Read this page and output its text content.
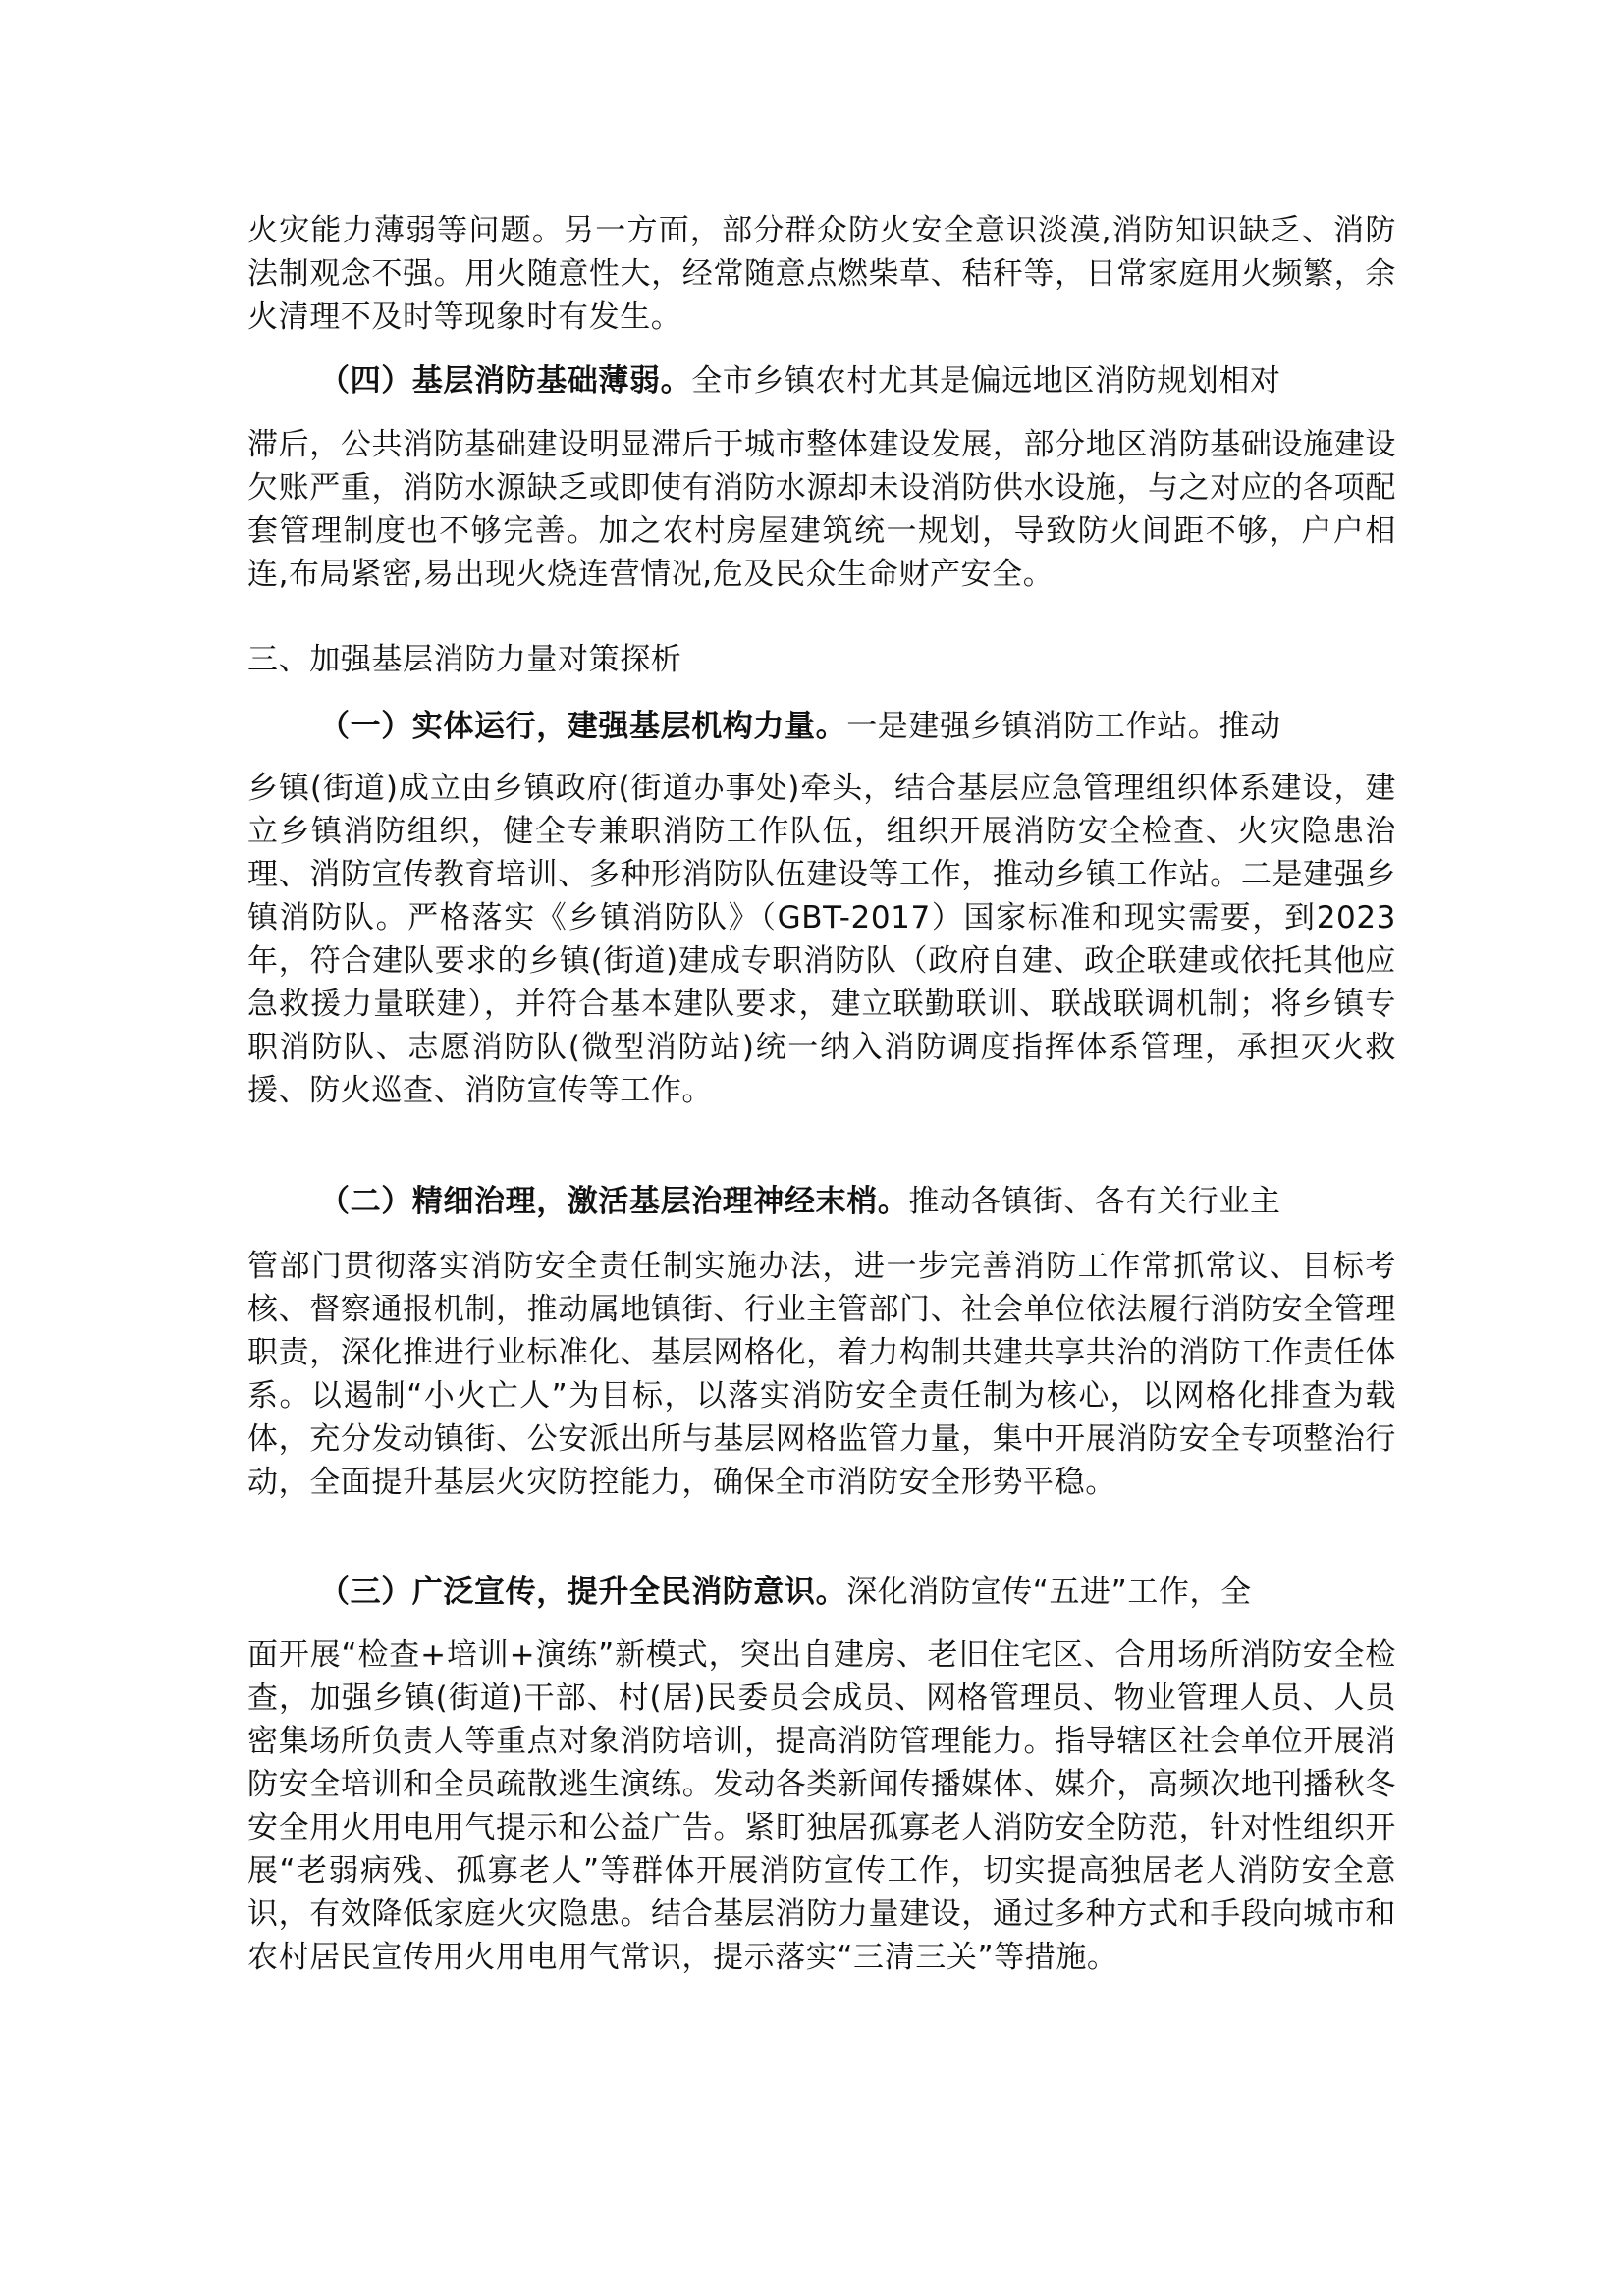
火灾能力薄弱等问题。另一方面，部分群众防火安全意识淡漠,消防知识缺乏、消防法制观念不强。用火随意性大，经常随意点燃柴草、秸秆等，日常家庭用火频繁，余火清理不及时等现象时有发生。

（四）基层消防基础薄弱。全市乡镇农村尤其是偏远地区消防规划相对

滞后，公共消防基础建设明显滞后于城市整体建设发展，部分地区消防基础设施建设欠账严重，消防水源缺乏或即使有消防水源却未设消防供水设施，与之对应的各项配套管理制度也不够完善。加之农村房屋建筑统一规划，导致防火间距不够，户户相连,布局紧密,易出现火烧连营情况,危及民众生命财产安全。

三、加强基层消防力量对策探析

（一）实体运行，建强基层机构力量。一是建强乡镇消防工作站。推动

乡镇(街道)成立由乡镇政府(街道办事处)牵头，结合基层应急管理组织体系建设，建立乡镇消防组织，健全专兼职消防工作队伍，组织开展消防安全检查、火灾隐患治理、消防宣传教育培训、多种形消防队伍建设等工作，推动乡镇工作站。二是建强乡镇消防队。严格落实《乡镇消防队》（GBT-2017）国家标准和现实需要，到2023年，符合建队要求的乡镇(街道)建成专职消防队（政府自建、政企联建或依托其他应急救援力量联建），并符合基本建队要求，建立联勤联训、联战联调机制；将乡镇专职消防队、志愿消防队(微型消防站)统一纳入消防调度指挥体系管理，承担灭火救援、防火巡查、消防宣传等工作。

（二）精细治理，激活基层治理神经末梢。推动各镇街、各有关行业主

管部门贯彻落实消防安全责任制实施办法，进一步完善消防工作常抓常议、目标考核、督察通报机制，推动属地镇街、行业主管部门、社会单位依法履行消防安全管理职责，深化推进行业标准化、基层网格化，着力构制共建共享共治的消防工作责任体系。以遏制“小火亡人”为目标，以落实消防安全责任制为核心，以网格化排查为载体，充分发动镇街、公安派出所与基层网格监管力量，集中开展消防安全专项整治行动，全面提升基层火灾防控能力，确保全市消防安全形势平稳。

（三）广泛宣传，提升全民消防意识。深化消防宣传“五进”工作，全

面开展“检查+培训+演练”新模式，突出自建房、老旧住宅区、合用场所消防安全检查，加强乡镇(街道)干部、村(居)民委员会成员、网格管理员、物业管理人员、人员密集场所负责人等重点对象消防培训，提高消防管理能力。指导辖区社会单位开展消防安全培训和全员疏散逃生演练。发动各类新闻传播媒体、媒介，高频次地刊播秋冬安全用火用电用气提示和公益广告。紧盯独居孤寡老人消防安全防范，针对性组织开展“老弱病残、孤寡老人”等群体开展消防宣传工作，切实提高独居老人消防安全意识，有效降低家庭火灾隐患。结合基层消防力量建设，通过多种方式和手段向城市和农村居民宣传用火用电用气常识，提示落实“三清三关”等措施。
